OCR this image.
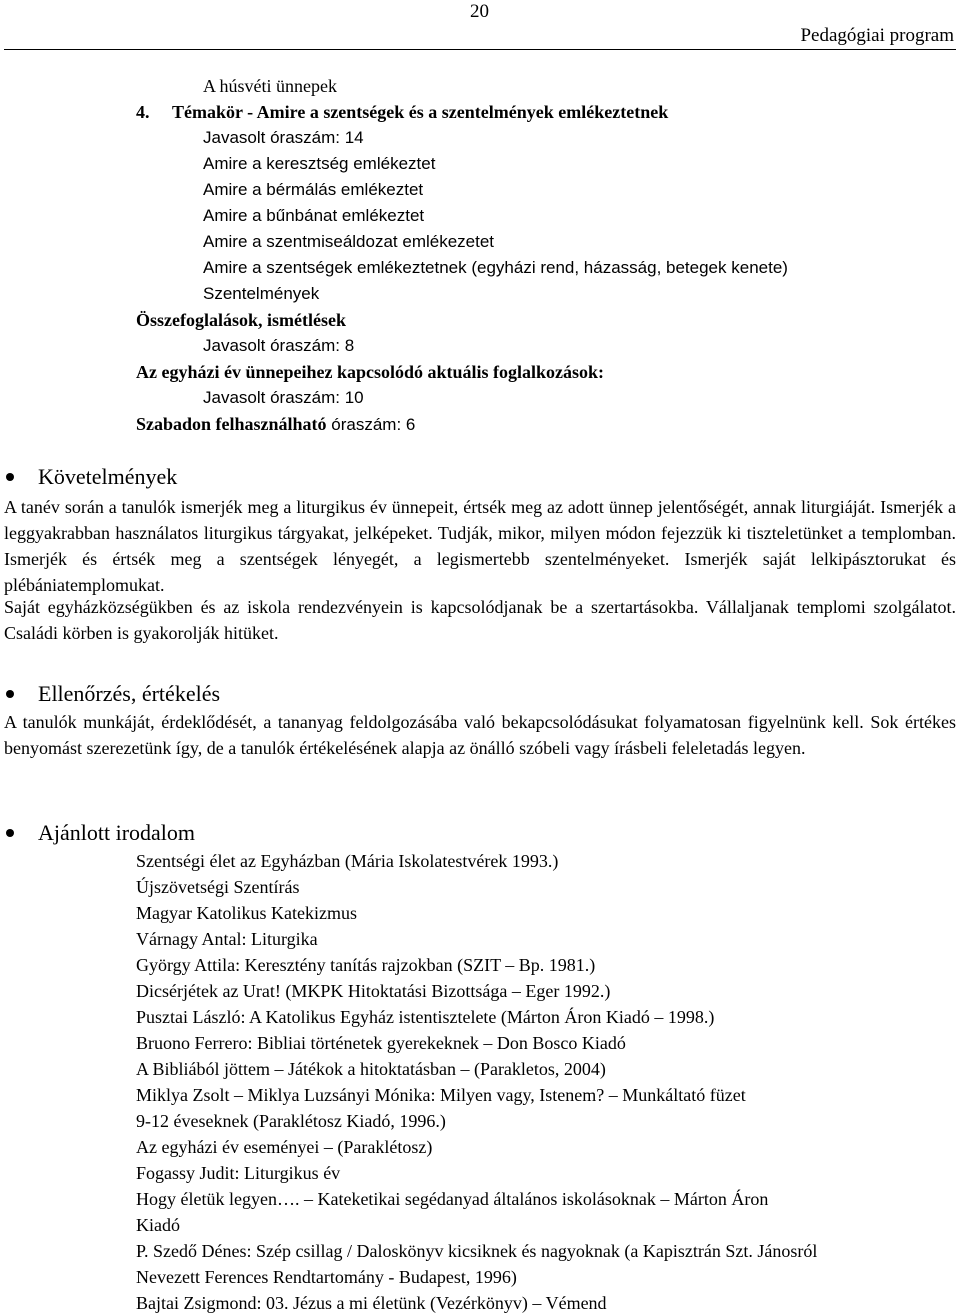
20
Pedagógiai program
A húsvéti ünnepek
4. Témakör - Amire a szentségek és a szentelmények emlékeztetnek
Javasolt óraszám: 14
Amire a keresztség emlékeztet
Amire a bérmálás emlékeztet
Amire a bűnbánat emlékeztet
Amire a szentmiseáldozat emlékezetet
Amire a szentségek emlékeztetnek (egyházi rend, házasság, betegek kenete)
Szentelmények
Összefoglalások, ismétlések
Javasolt óraszám: 8
Az egyházi év ünnepeihez kapcsolódó aktuális foglalkozások:
Javasolt óraszám: 10
Szabadon felhasználható óraszám: 6
Követelmények
A tanév során a tanulók ismerjék meg a liturgikus év ünnepeit, értsék meg az adott ünnep jelentőségét, annak liturgiáját. Ismerjék a leggyakrabban használatos liturgikus tárgyakat, jelképeket. Tudják, mikor, milyen módon fejezzük ki tiszteletünket a templomban.Ismerjék és értsék meg a szentségek lényegét, a legismertebb szentelményeket. Ismerjék saját lelkipásztorukat és plébániatemplomukat.
Saját egyházközségükben és az iskola rendezvényein is kapcsolódjanak be a szertartásokba. Vállaljanak templomi szolgálatot.Családi körben is gyakorolják hitüket.
Ellenőrzés, értékelés
A tanulók munkáját, érdeklődését, a tananyag feldolgozásába való bekapcsolódásukat folyamatosan figyelnünk kell. Sok értékes benyomást szerezetünk így, de a tanulók értékelésének alapja az önálló szóbeli vagy írásbeli feleletadás legyen.
Ajánlott irodalom
Szentségi élet az Egyházban (Mária Iskolatestvérek 1993.)
Újszövetségi Szentírás
Magyar Katolikus Katekizmus
Várnagy Antal: Liturgika
György Attila: Keresztény tanítás rajzokban (SZIT – Bp. 1981.)
Dicsérjétek az Urat! (MKPK Hitoktatási Bizottsága – Eger 1992.)
Pusztai László: A Katolikus Egyház istentisztelete (Márton Áron Kiadó – 1998.)
Bruono Ferrero: Bibliai történetek gyerekeknek – Don Bosco Kiadó
A Bibliából jöttem – Játékok a hitoktatásban – (Parakletos, 2004)
Miklya Zsolt – Miklya Luzsányi Mónika: Milyen vagy, Istenem? – Munkáltató füzet
9-12 éveseknek (Paraklétosz Kiadó, 1996.)
Az egyházi év eseményei – (Paraklétosz)
Fogassy Judit: Liturgikus év
Hogy életük legyen…. – Kateketikai segédanyad általános iskolásoknak – Márton Áron
Kiadó
P. Szedő Dénes: Szép csillag / Daloskönyv kicsiknek és nagyoknak (a Kapisztrán Szt. Jánosról
Nevezett Ferences Rendtartomány - Budapest, 1996)
Bajtai Zsigmond: 03. Jézus a mi életünk (Vezérkönyv) – Vémend
